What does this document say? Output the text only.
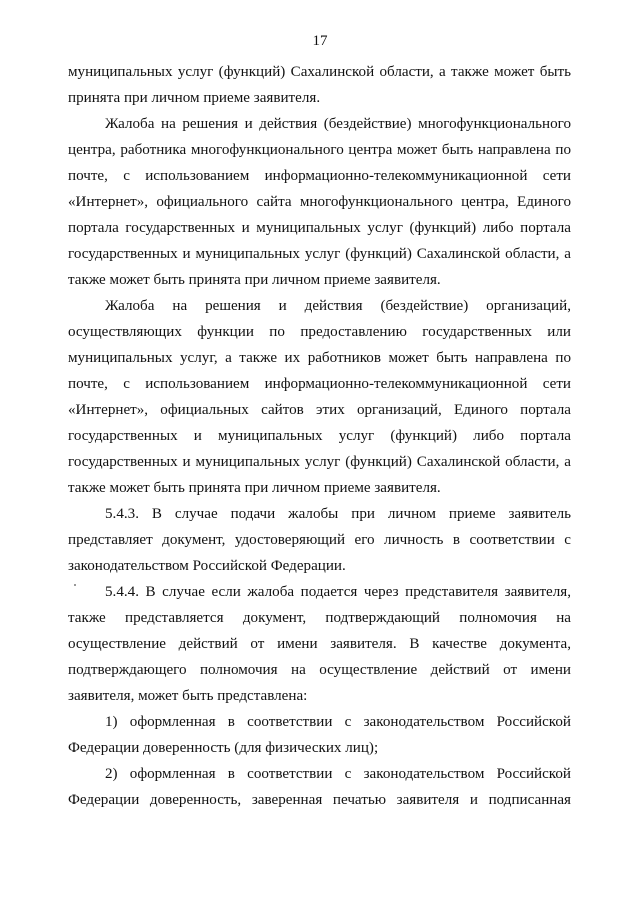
17
муниципальных услуг (функций) Сахалинской области, а также может быть
принята при личном приеме заявителя.
Жалоба на решения и действия (бездействие) многофункционального
центра, работника многофункционального центра может быть направлена по
почте, с использованием информационно-телекоммуникационной сети
«Интернет», официального сайта многофункционального центра, Единого
портала государственных и муниципальных услуг (функций) либо портала
государственных и муниципальных услуг (функций) Сахалинской области, а
также может быть принята при личном приеме заявителя.
Жалоба на решения и действия (бездействие) организаций,
осуществляющих функции по предоставлению государственных или
муниципальных услуг, а также их работников может быть направлена по
почте, с использованием информационно-телекоммуникационной сети
«Интернет», официальных сайтов этих организаций, Единого портала
государственных и муниципальных услуг (функций) либо портала
государственных и муниципальных услуг (функций) Сахалинской области, а
также может быть принята при личном приеме заявителя.
5.4.3. В случае подачи жалобы при личном приеме заявитель
представляет документ, удостоверяющий его личность в соответствии с
законодательством Российской Федерации.
5.4.4. В случае если жалоба подается через представителя заявителя,
также представляется документ, подтверждающий полномочия на
осуществление действий от имени заявителя. В качестве документа,
подтверждающего полномочия на осуществление действий от имени
заявителя, может быть представлена:
1) оформленная в соответствии с законодательством Российской
Федерации доверенность (для физических лиц);
2) оформленная в соответствии с законодательством Российской
Федерации доверенность, заверенная печатью заявителя и подписанная
